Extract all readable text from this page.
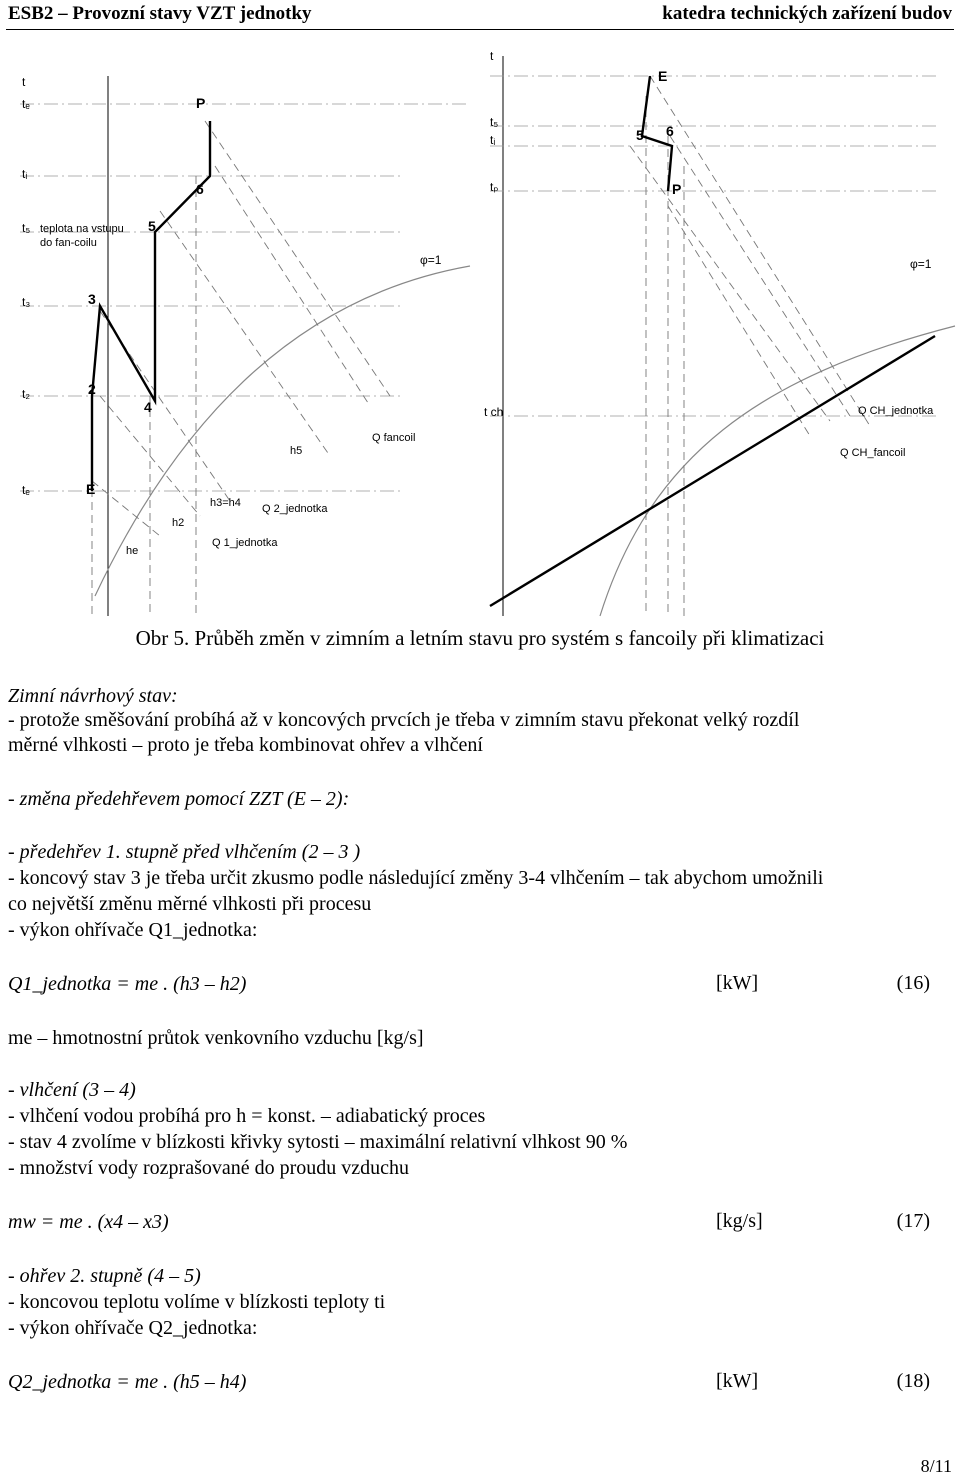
ESB2 – Provozní stavy VZT jednotky	katedra technických zařízení budov
t
tₑ
tᵢ
t₅ teplota na vstupu
do fan-coilu
t₃
t₂
tₑ
P
6
5
3
2
4
E
φ=1	φ=1
Q fancoil
Q 2_jednotka
Q 1_jednotka
h3=h4
h5
he
h2
t
t₅
tᵢ
tₚ
t ch
E
5 6
P
Q CH_jednotka
Q CH_fancoil
Obr 5. Průběh změn v zimním a letním stavu pro systém s fancoily při klimatizaci
Zimní návrhový stav:
- protože směšování probíhá až v koncových prvcích je třeba v zimním stavu překonat velký rozdíl
měrné vlhkosti – proto je třeba kombinovat ohřev a vlhčení
- změna předehřevem pomocí ZZT (E – 2):
- předehřev 1. stupně před vlhčením (2 – 3 )
- koncový stav 3 je třeba určit zkusmo podle následující změny 3-4 vlhčením – tak abychom umožnili
co největší změnu měrné vlhkosti při procesu
- výkon ohřívače Q1_jednotka:
Q1_jednotka = me . (h3 – h2)	[kW]	(16)
me – hmotnostní průtok venkovního vzduchu [kg/s]
- vlhčení (3 – 4)
- vlhčení vodou probíhá pro h = konst. – adiabatický proces
- stav 4 zvolíme v blízkosti křivky sytosti – maximální relativní vlhkost 90 %
- množství vody rozprašované do proudu vzduchu
mw = me . (x4 – x3)	[kg/s]	(17)
- ohřev 2. stupně (4 – 5)
- koncovou teplotu volíme v blízkosti teploty ti
- výkon ohřívače Q2_jednotka:
Q2_jednotka = me . (h5 – h4)	[kW]	(18)
8/11
